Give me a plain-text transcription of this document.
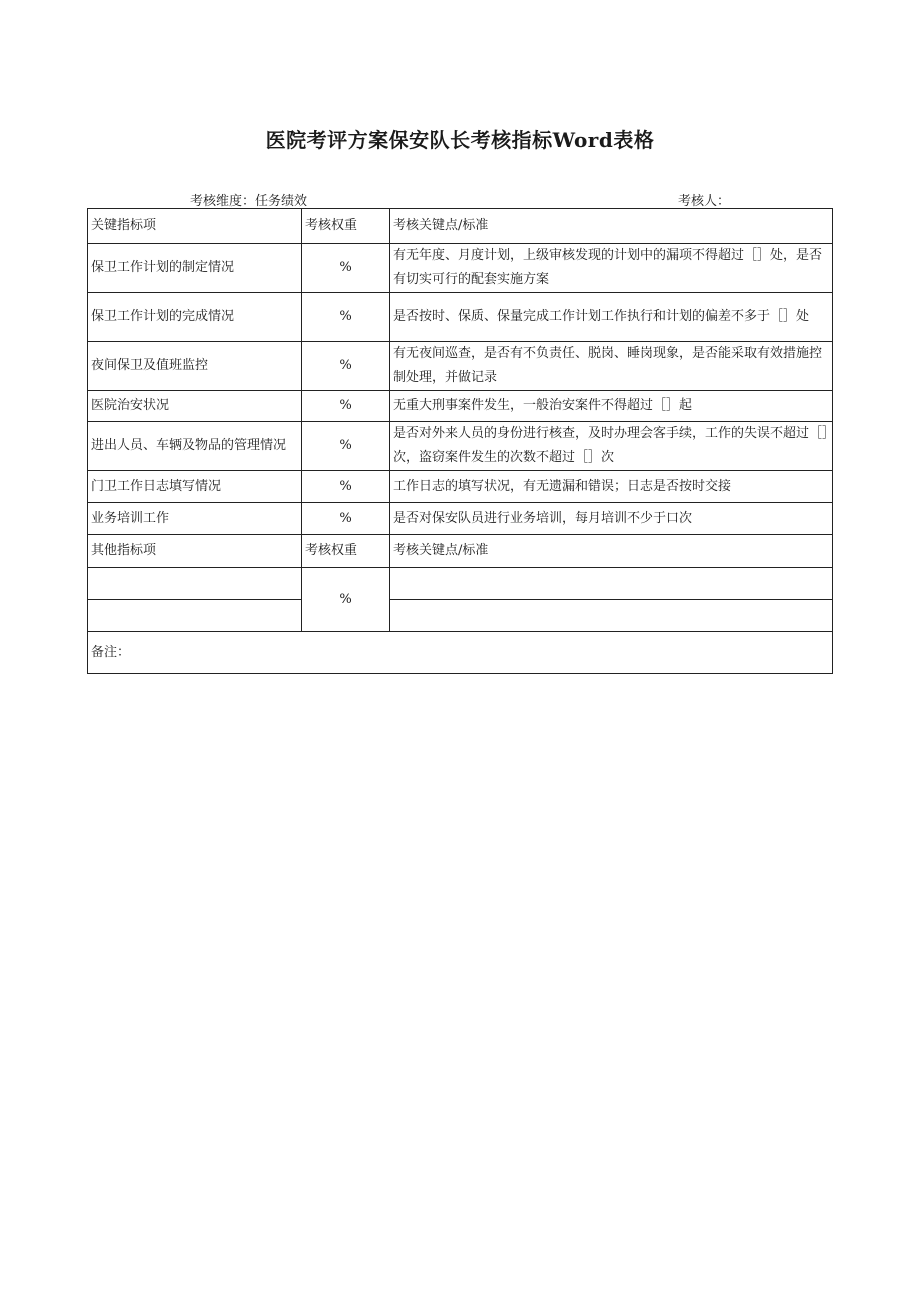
医院考评方案保安队长考核指标Word表格
考核维度：任务绩效	考核人：
关键指标项	考核权重	考核关键点/标准
保卫工作计划的制定情况	%	有无年度、月度计划，上级审核发现的计划中的漏项不得超过［］处，是否有切实可行的配套实施方案
保卫工作计划的完成情况	%	是否按时、保质、保量完成工作计划工作执行和计划的偏差不多于［］处
夜间保卫及值班监控	%	有无夜间巡查，是否有不负责任、脱岗、睡岗现象，是否能采取有效措施控制处理，并做记录
医院治安状况	%	无重大刑事案件发生，一般治安案件不得超过［］起
进出人员、车辆及物品的管理情况	%	是否对外来人员的身份进行核查，及时办理会客手续，工作的失误不超过［］次，盗窃案件发生的次数不超过［］次
门卫工作日志填写情况	%	工作日志的填写状况，有无遗漏和错误；日志是否按时交接
业务培训工作	%	是否对保安队员进行业务培训，每月培训不少于口次
其他指标项	考核权重	考核关键点/标准
	%	

备注：		
